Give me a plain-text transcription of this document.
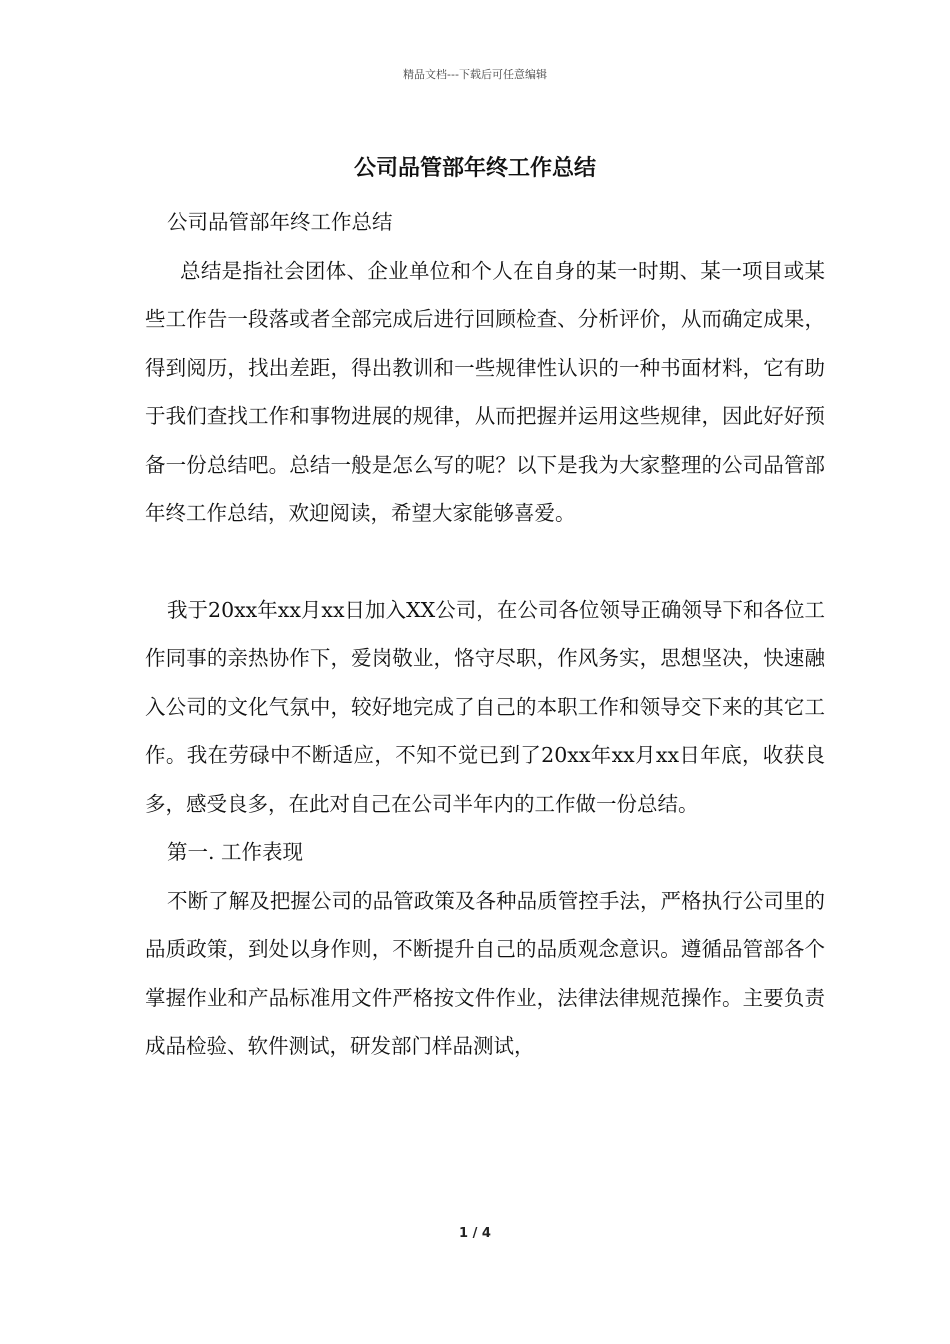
精品文档---下载后可任意编辑
公司品管部年终工作总结

公司品管部年终工作总结

总结是指社会团体、企业单位和个人在自身的某一时期、某一项目或某些工作告一段落或者全部完成后进行回顾检查、分析评价，从而确定成果，得到阅历，找出差距，得出教训和一些规律性认识的一种书面材料，它有助于我们查找工作和事物进展的规律，从而把握并运用这些规律，因此好好预备一份总结吧。总结一般是怎么写的呢？以下是我为大家整理的公司品管部年终工作总结，欢迎阅读，希望大家能够喜爱。

我于20xx年xx月xx日加入XX公司，在公司各位领导正确领导下和各位工作同事的亲热协作下，爱岗敬业，恪守尽职，作风务实，思想坚决，快速融入公司的文化气氛中，较好地完成了自己的本职工作和领导交下来的其它工作。我在劳碌中不断适应，不知不觉已到了20xx年xx月xx日年底，收获良多，感受良多，在此对自己在公司半年内的工作做一份总结。

第一. 工作表现

不断了解及把握公司的品管政策及各种品质管控手法，严格执行公司里的品质政策，到处以身作则，不断提升自己的品质观念意识。遵循品管部各个掌握作业和产品标准用文件严格按文件作业，法律法律规范操作。主要负责成品检验、软件测试，研发部门样品测试，

1 / 4
